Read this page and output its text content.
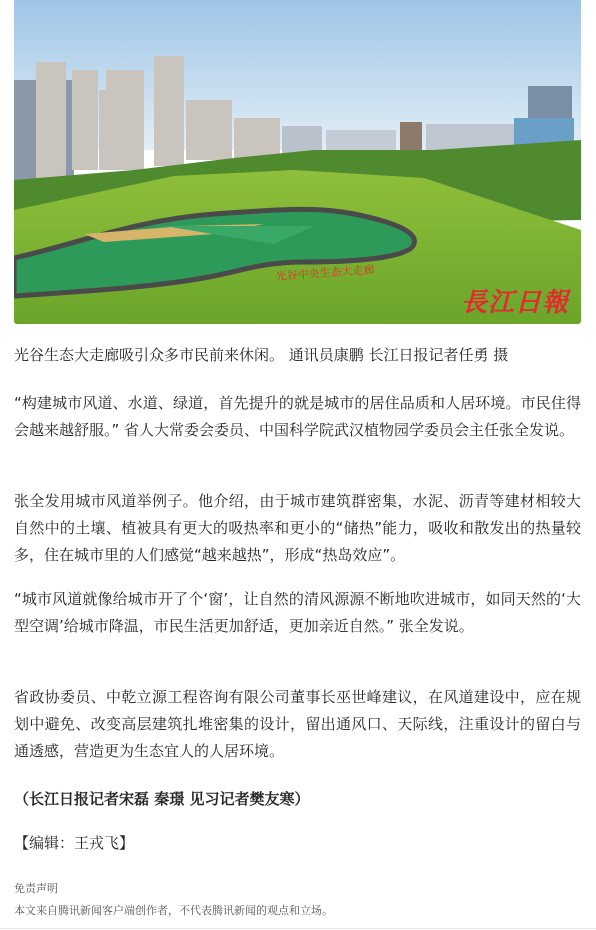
光谷中央生态大走廊
長江日報

光谷生态大走廊吸引众多市民前来休闲。 通讯员康鹏 长江日报记者任勇 摄

“构建城市风道、水道、绿道，首先提升的就是城市的居住品质和人居环境。市民住得会越来越舒服。” 省人大常委会委员、中国科学院武汉植物园学委员会主任张全发说。

张全发用城市风道举例子。他介绍，由于城市建筑群密集，水泥、沥青等建材相较大自然中的土壤、植被具有更大的吸热率和更小的“储热”能力，吸收和散发出的热量较多，住在城市里的人们感觉“越来越热”，形成“热岛效应”。

“城市风道就像给城市开了个‘窗’，让自然的清风源源不断地吹进城市，如同天然的‘大型空调’给城市降温，市民生活更加舒适，更加亲近自然。” 张全发说。

省政协委员、中乾立源工程咨询有限公司董事长巫世峰建议，在风道建设中，应在规划中避免、改变高层建筑扎堆密集的设计，留出通风口、天际线，注重设计的留白与通透感，营造更为生态宜人的人居环境。

（长江日报记者宋磊 秦璟 见习记者樊友寒）

【编辑：王戎飞】

免责声明
本文来自腾讯新闻客户端创作者，不代表腾讯新闻的观点和立场。
